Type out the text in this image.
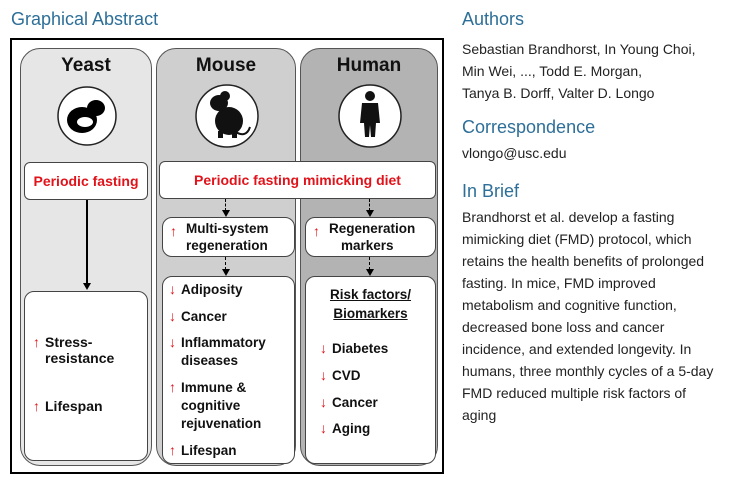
Graphical Abstract
Yeast
Periodic fasting
↑ Stress-
resistance
↑ Lifespan
Mouse	Human
Periodic fasting mimicking diet
↑ Multi-system
regeneration
↓ Adiposity
↓ Cancer
↓ Inflammatory
diseases
↑ Immune &
cognitive
rejuvenation
↑ Lifespan
↑ Regeneration
markers
Risk factors/
Biomarkers
↓ Diabetes
↓ CVD
↓ Cancer
↓ Aging
Authors
Sebastian Brandhorst, In Young Choi,
Min Wei, ..., Todd E. Morgan,
Tanya B. Dorff, Valter D. Longo
Correspondence
vlongo@usc.edu
In Brief
Brandhorst et al. develop a fasting
mimicking diet (FMD) protocol, which
retains the health benefits of prolonged
fasting. In mice, FMD improved
metabolism and cognitive function,
decreased bone loss and cancer
incidence, and extended longevity. In
humans, three monthly cycles of a 5-day
FMD reduced multiple risk factors of
aging
